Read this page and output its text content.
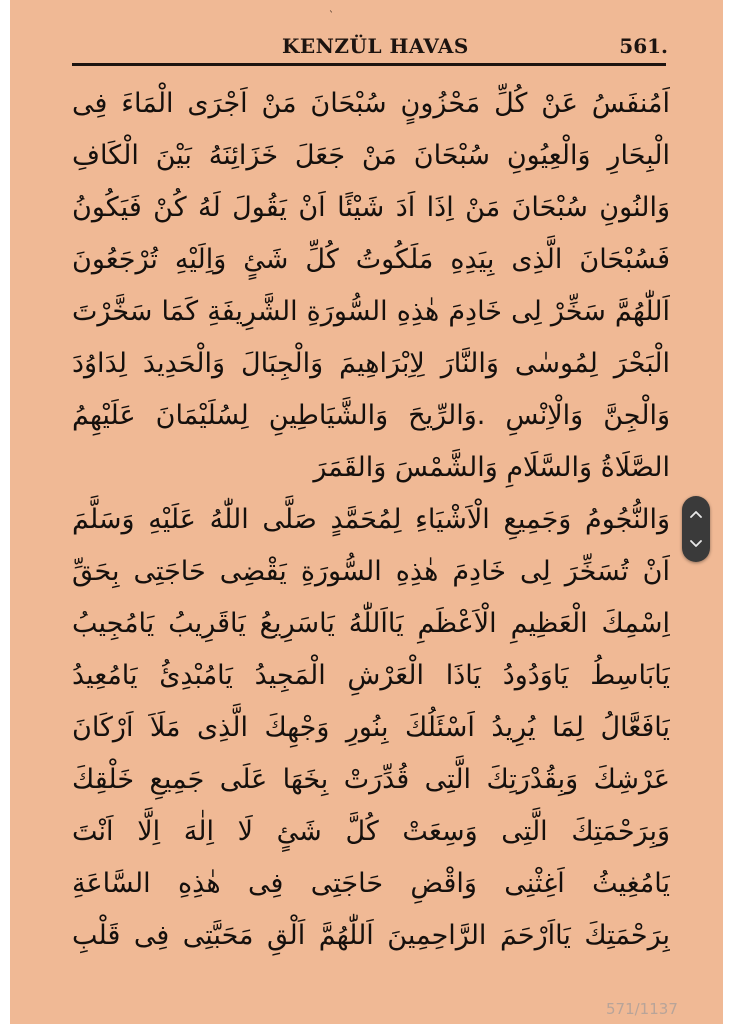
ˋ
KENZÜL HAVAS	561.
اَمُنفَسُ عَنْ كُلِّ مَحْزُونٍ سُبْحَانَ مَنْ اَجْرَى الْمَاءَ فِى
الْبِحَارِ وَالْعِيُونِ سُبْحَانَ مَنْ جَعَلَ خَزَائِنَهُ بَيْنَ الْكَافِ
وَالنُونِ سُبْحَانَ مَنْ اِذَا اَدَ شَيْئًا اَنْ يَقُولَ لَهُ كُنْ فَيَكُونُ
فَسُبْحَانَ الَّذِى بِيَدِهِ مَلَكُوتُ كُلِّ شَئٍ وَاِلَيْهِ تُرْجَعُونَ
اَللّٰهُمَّ سَخِّرْ لِى خَادِمَ هٰذِهِ السُّورَةِ الشَّرِيفَةِ كَمَا سَخَّرْتَ
الْبَحْرَ لِمُوسٰى وَالنَّارَ لِاِبْرَاهِيمَ وَالْجِبَالَ وَالْحَدِيدَ لِدَاوُدَ
وَالْجِنَّ وَالْاِنْسِ .وَالرِّيحَ وَالشَّيَاطِينِ لِسُلَيْمَانَ عَلَيْهِمُ
الصَّلَاةُ وَالسَّلَامِ وَالشَّمْسَ وَالقَمَرَ
وَالنُّجُومُ وَجَمِيعِ الْاَشْيَاءِ لِمُحَمَّدٍ صَلَّى اللّٰهُ عَلَيْهِ وَسَلَّمَ
اَنْ تُسَخِّرَ لِى خَادِمَ هٰذِهِ السُّورَةِ يَقْضِى حَاجَتِى بِحَقِّ
اِسْمِكَ الْعَظِيمِ الْاَعْظَمِ يَااَللّٰهُ يَاسَرِيعُ يَاقَرِيبُ يَامُجِيبُ
يَابَاسِطُ يَاوَدُودُ يَاذَا الْعَرْشِ الْمَجِيدُ يَامُبْدِئُ يَامُعِيدُ
يَافَعَّالُ لِمَا يُرِيدُ اَسْئَلُكَ بِنُورِ وَجْهِكَ الَّذِى مَلَاَ اَرْكَانَ
عَرْشِكَ وَبِقُدْرَتِكَ الَّتِى قُدِّرَتْ بِخَهَا عَلَى جَمِيعِ خَلْقِكَ
وَبِرَحْمَتِكَ الَّتِى وَسِعَتْ كُلَّ شَئٍ لَا اِلٰهَ اِلَّا اَنْتَ
يَامُغِيثُ اَغِثْنِى وَاقْضِ حَاجَتِى فِى هٰذِهِ السَّاعَةِ
بِرَحْمَتِكَ يَااَرْحَمَ الرَّاحِمِينَ اَللّٰهُمَّ اَلْقِ مَحَبَّتِى فِى قَلْبِ
571/1137
